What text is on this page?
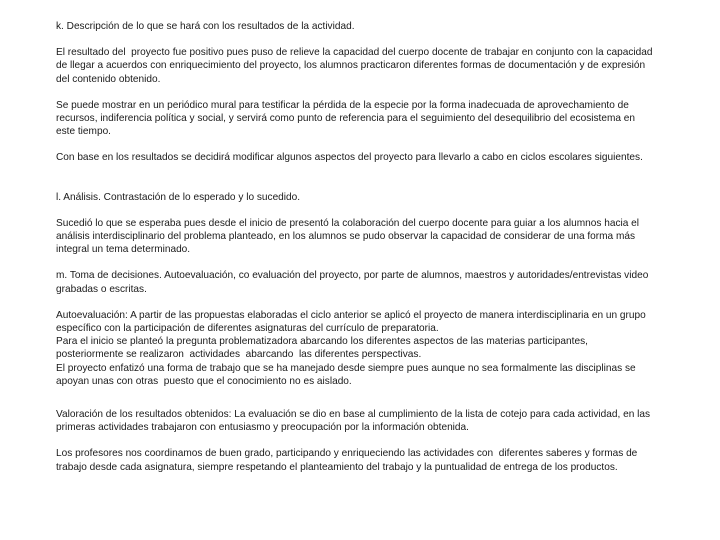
k. Descripción de lo que se hará con los resultados de la actividad.

El resultado del  proyecto fue positivo pues puso de relieve la capacidad del cuerpo docente de trabajar en conjunto con la capacidad de llegar a acuerdos con enriquecimiento del proyecto, los alumnos practicaron diferentes formas de documentación y de expresión del contenido obtenido.

Se puede mostrar en un periódico mural para testificar la pérdida de la especie por la forma inadecuada de aprovechamiento de recursos, indiferencia política y social, y servirá como punto de referencia para el seguimiento del desequilibrio del ecosistema en este tiempo.

Con base en los resultados se decidirá modificar algunos aspectos del proyecto para llevarlo a cabo en ciclos escolares siguientes.

l. Análisis. Contrastación de lo esperado y lo sucedido.

Sucedió lo que se esperaba pues desde el inicio de presentó la colaboración del cuerpo docente para guiar a los alumnos hacia el análisis interdisciplinario del problema planteado, en los alumnos se pudo observar la capacidad de considerar de una forma más integral un tema determinado.

m. Toma de decisiones. Autoevaluación, co evaluación del proyecto, por parte de alumnos, maestros y autoridades/entrevistas video grabadas o escritas.

Autoevaluación: A partir de las propuestas elaboradas el ciclo anterior se aplicó el proyecto de manera interdisciplinaria en un grupo específico con la participación de diferentes asignaturas del currículo de preparatoria.

Para el inicio se planteó la pregunta problematizadora abarcando los diferentes aspectos de las materias participantes, posteriormente se realizaron  actividades  abarcando  las diferentes perspectivas.

El proyecto enfatizó una forma de trabajo que se ha manejado desde siempre pues aunque no sea formalmente las disciplinas se apoyan unas con otras  puesto que el conocimiento no es aislado.

Valoración de los resultados obtenidos: La evaluación se dio en base al cumplimiento de la lista de cotejo para cada actividad, en las primeras actividades trabajaron con entusiasmo y preocupación por la información obtenida.

Los profesores nos coordinamos de buen grado, participando y enriqueciendo las actividades con  diferentes saberes y formas de trabajo desde cada asignatura, siempre respetando el planteamiento del trabajo y la puntualidad de entrega de los productos.
